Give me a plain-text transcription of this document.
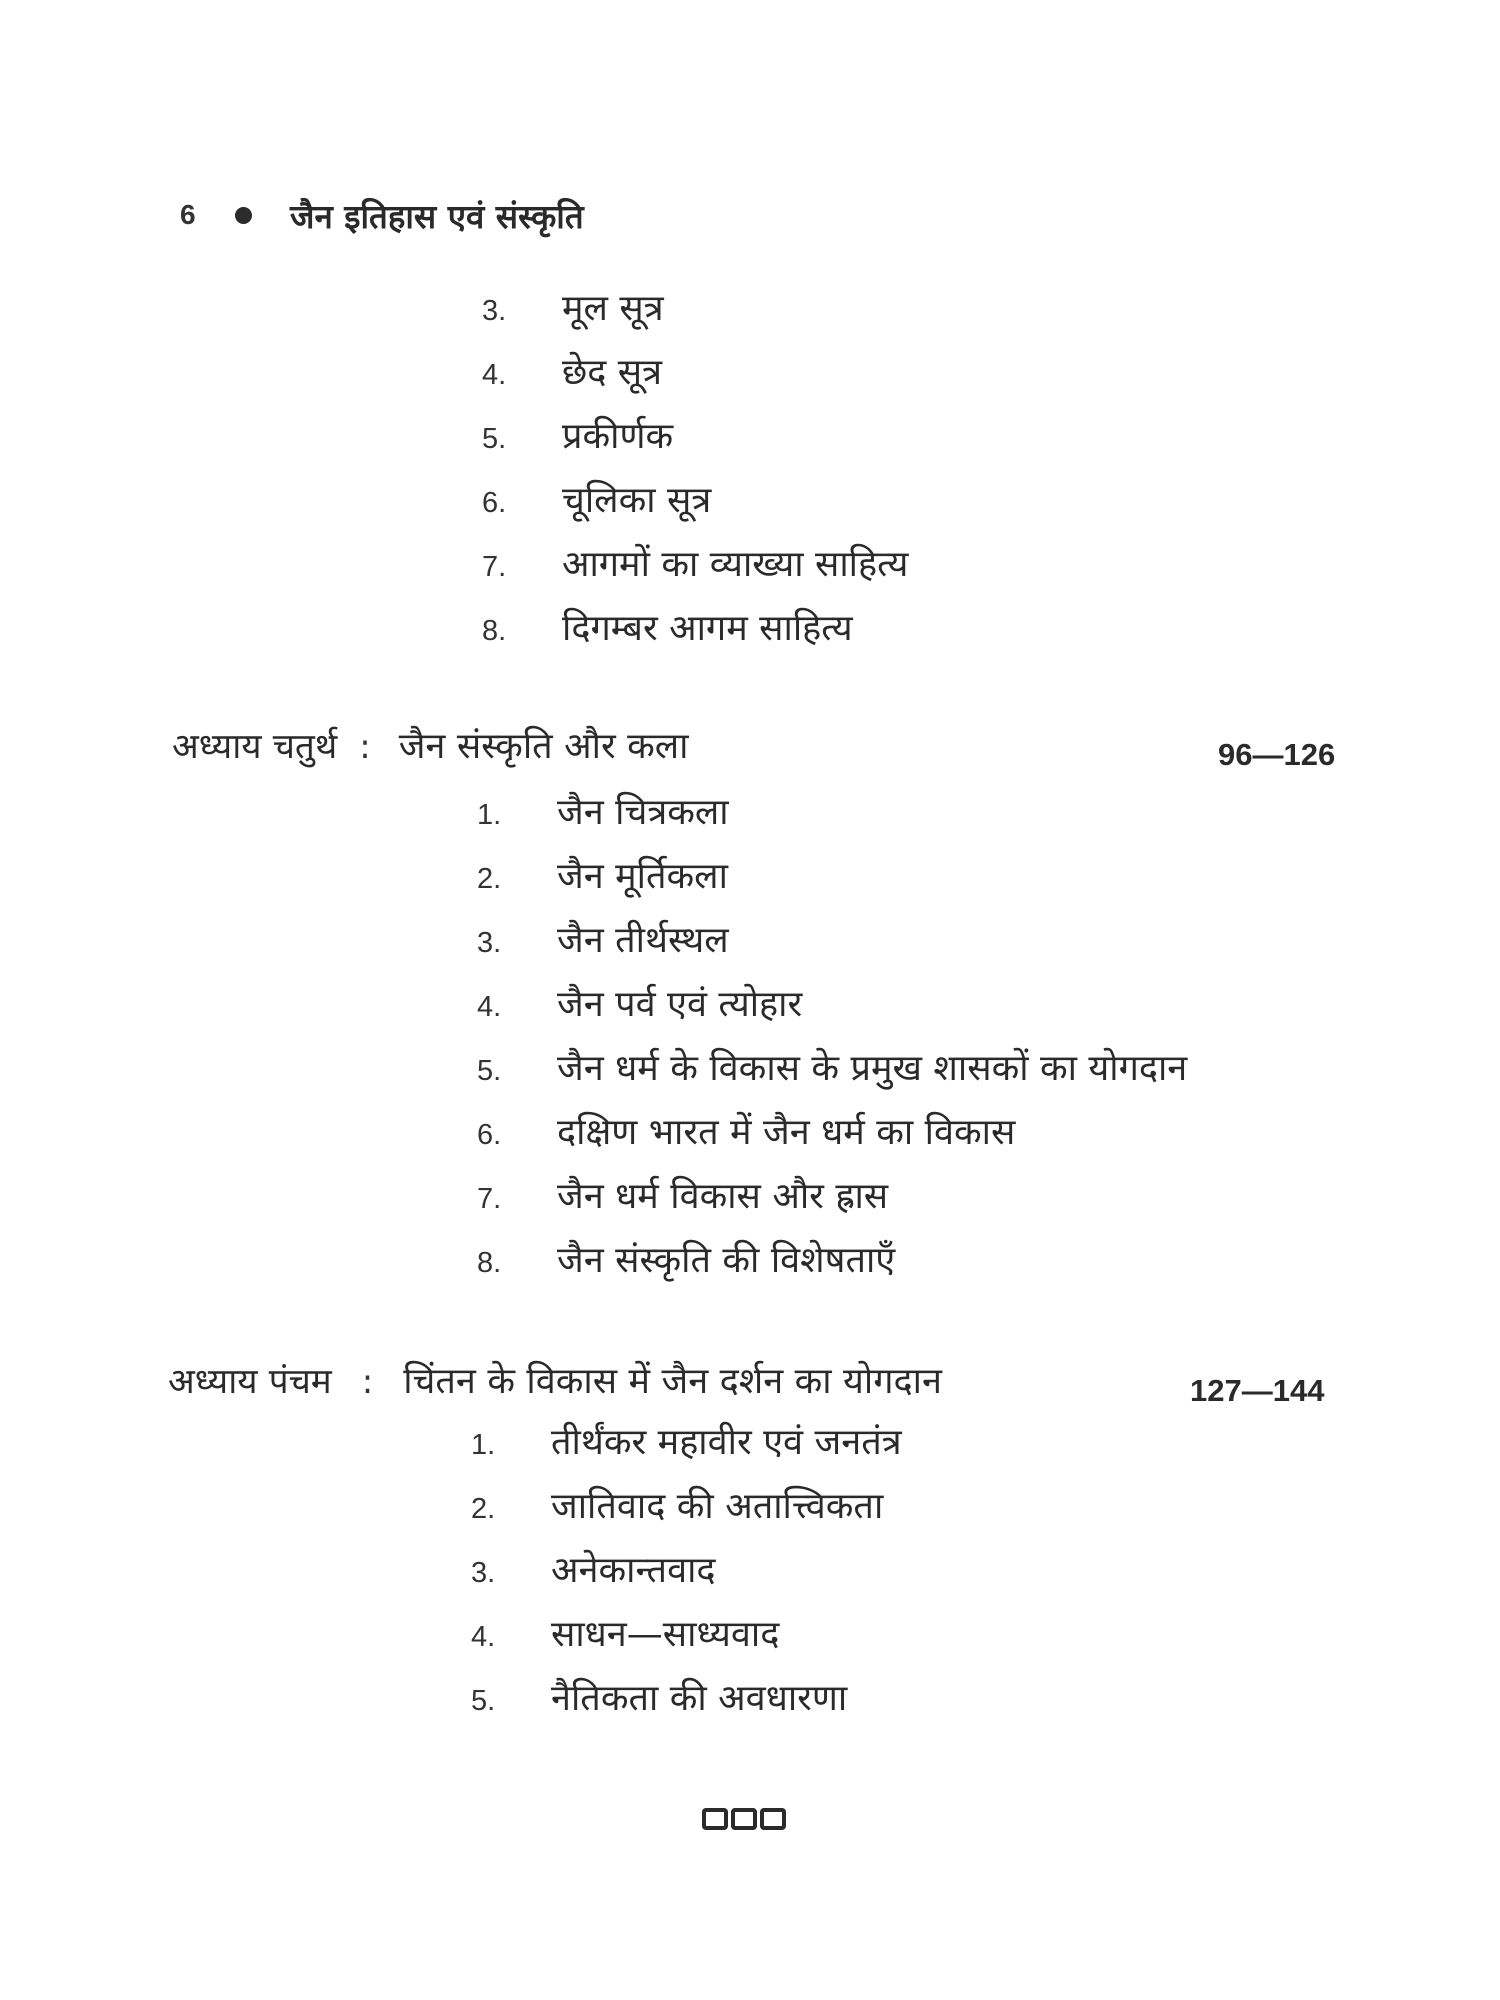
6	जैन इतिहास एवं संस्कृति
3.	मूल सूत्र
4.	छेद सूत्र
5.	प्रकीर्णक
6.	चूलिका सूत्र
7.	आगमों का व्याख्या साहित्य
8.	दिगम्बर आगम साहित्य
अध्याय चतुर्थ : जैन संस्कृति और कला	96—126
1.	जैन चित्रकला
2.	जैन मूर्तिकला
3.	जैन तीर्थस्थल
4.	जैन पर्व एवं त्योहार
5.	जैन धर्म के विकास के प्रमुख शासकों का योगदान
6.	दक्षिण भारत में जैन धर्म का विकास
7.	जैन धर्म विकास और ह्रास
8.	जैन संस्कृति की विशेषताएँ
अध्याय पंचम : चिंतन के विकास में जैन दर्शन का योगदान	127—144
1.	तीर्थंकर महावीर एवं जनतंत्र
2.	जातिवाद की अतात्त्विकता
3.	अनेकान्तवाद
4.	साधन—साध्यवाद
5.	नैतिकता की अवधारणा
